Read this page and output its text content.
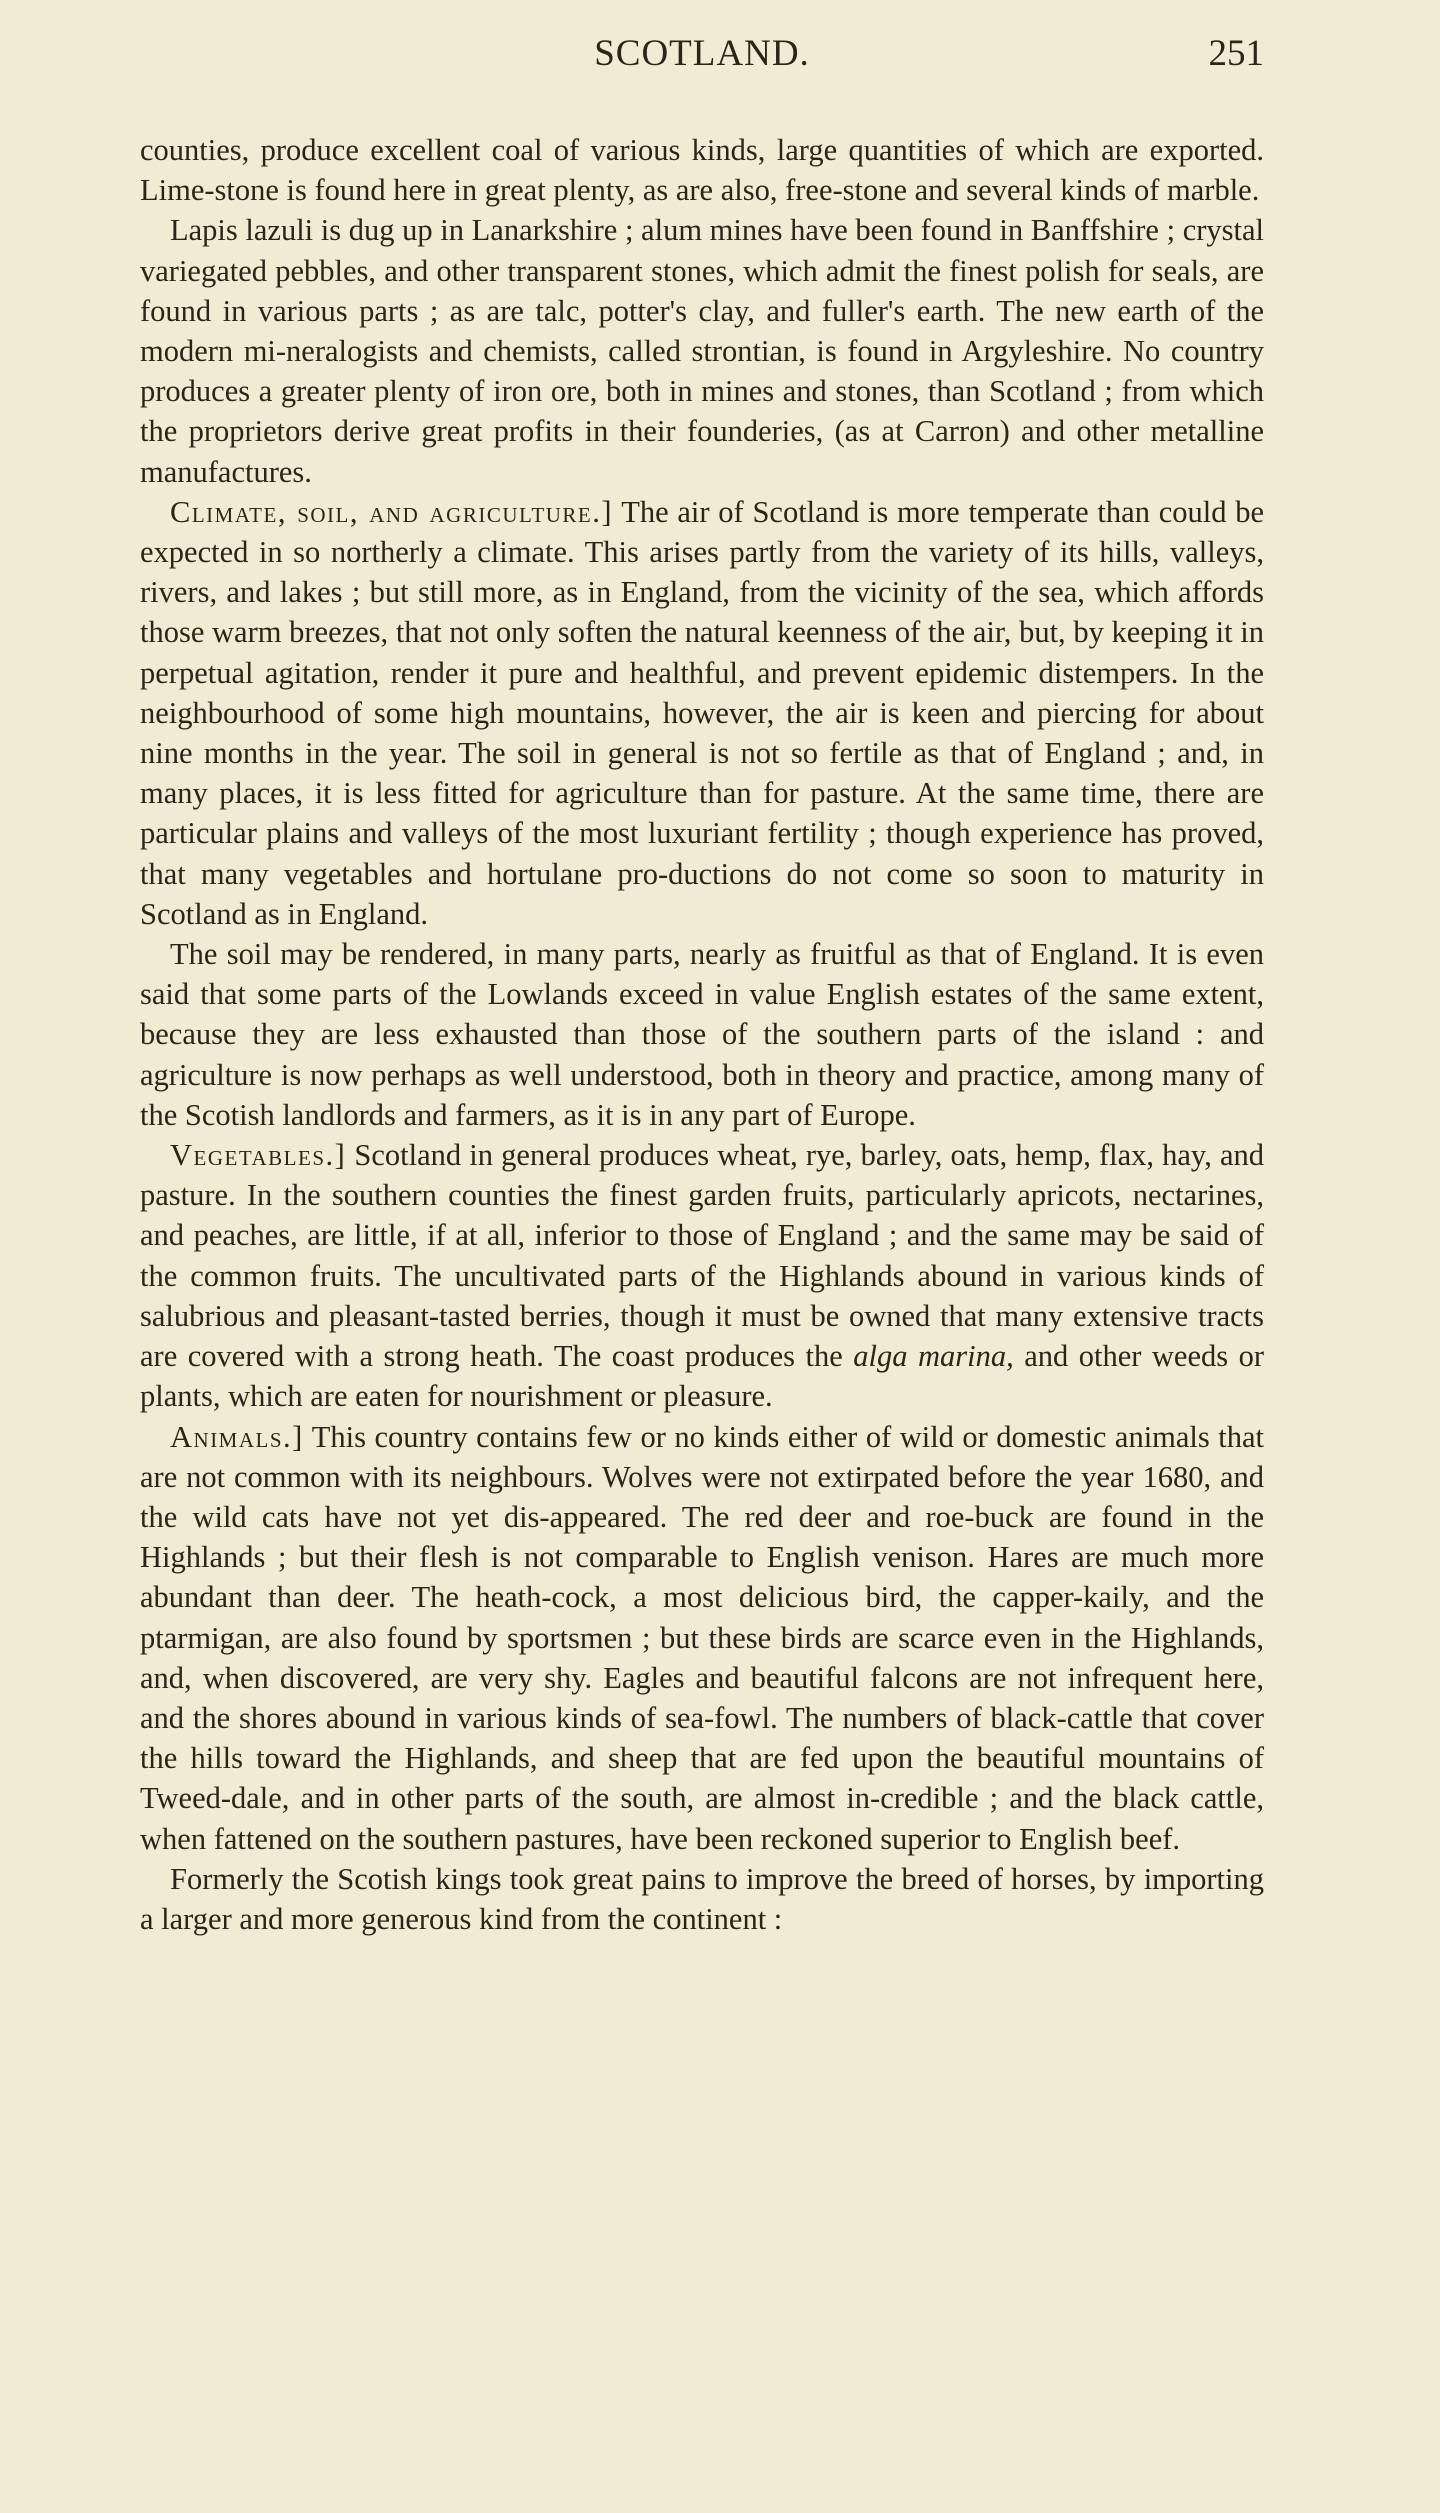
SCOTLAND.	251

counties, produce excellent coal of various kinds, large quantities of which are exported. Lime-stone is found here in great plenty, as are also, free-stone and several kinds of marble.

Lapis lazuli is dug up in Lanarkshire ; alum mines have been found in Banffshire ; crystal variegated pebbles, and other transparent stones, which admit the finest polish for seals, are found in various parts ; as are talc, potter's clay, and fuller's earth. The new earth of the modern mi-neralogists and chemists, called strontian, is found in Argyleshire. No country produces a greater plenty of iron ore, both in mines and stones, than Scotland ; from which the proprietors derive great profits in their founderies, (as at Carron) and other metalline manufactures.

Climate, soil, and agriculture.] The air of Scotland is more temperate than could be expected in so northerly a climate. This arises partly from the variety of its hills, valleys, rivers, and lakes ; but still more, as in England, from the vicinity of the sea, which affords those warm breezes, that not only soften the natural keenness of the air, but, by keeping it in perpetual agitation, render it pure and healthful, and prevent epidemic distempers. In the neighbourhood of some high mountains, however, the air is keen and piercing for about nine months in the year. The soil in general is not so fertile as that of England ; and, in many places, it is less fitted for agriculture than for pasture. At the same time, there are particular plains and valleys of the most luxuriant fertility ; though experience has proved, that many vegetables and hortulane pro-ductions do not come so soon to maturity in Scotland as in England.

The soil may be rendered, in many parts, nearly as fruitful as that of England. It is even said that some parts of the Lowlands exceed in value English estates of the same extent, because they are less exhausted than those of the southern parts of the island : and agriculture is now perhaps as well understood, both in theory and practice, among many of the Scotish landlords and farmers, as it is in any part of Europe.

Vegetables.] Scotland in general produces wheat, rye, barley, oats, hemp, flax, hay, and pasture. In the southern counties the finest garden fruits, particularly apricots, nectarines, and peaches, are little, if at all, inferior to those of England ; and the same may be said of the common fruits. The uncultivated parts of the Highlands abound in various kinds of salubrious and pleasant-tasted berries, though it must be owned that many extensive tracts are covered with a strong heath. The coast produces the alga marina, and other weeds or plants, which are eaten for nourishment or pleasure.

Animals.] This country contains few or no kinds either of wild or domestic animals that are not common with its neighbours. Wolves were not extirpated before the year 1680, and the wild cats have not yet dis-appeared. The red deer and roe-buck are found in the Highlands ; but their flesh is not comparable to English venison. Hares are much more abundant than deer. The heath-cock, a most delicious bird, the capper-kaily, and the ptarmigan, are also found by sportsmen ; but these birds are scarce even in the Highlands, and, when discovered, are very shy. Eagles and beautiful falcons are not infrequent here, and the shores abound in various kinds of sea-fowl. The numbers of black-cattle that cover the hills toward the Highlands, and sheep that are fed upon the beautiful mountains of Tweed-dale, and in other parts of the south, are almost in-credible ; and the black cattle, when fattened on the southern pastures, have been reckoned superior to English beef.

Formerly the Scotish kings took great pains to improve the breed of horses, by importing a larger and more generous kind from the continent :
